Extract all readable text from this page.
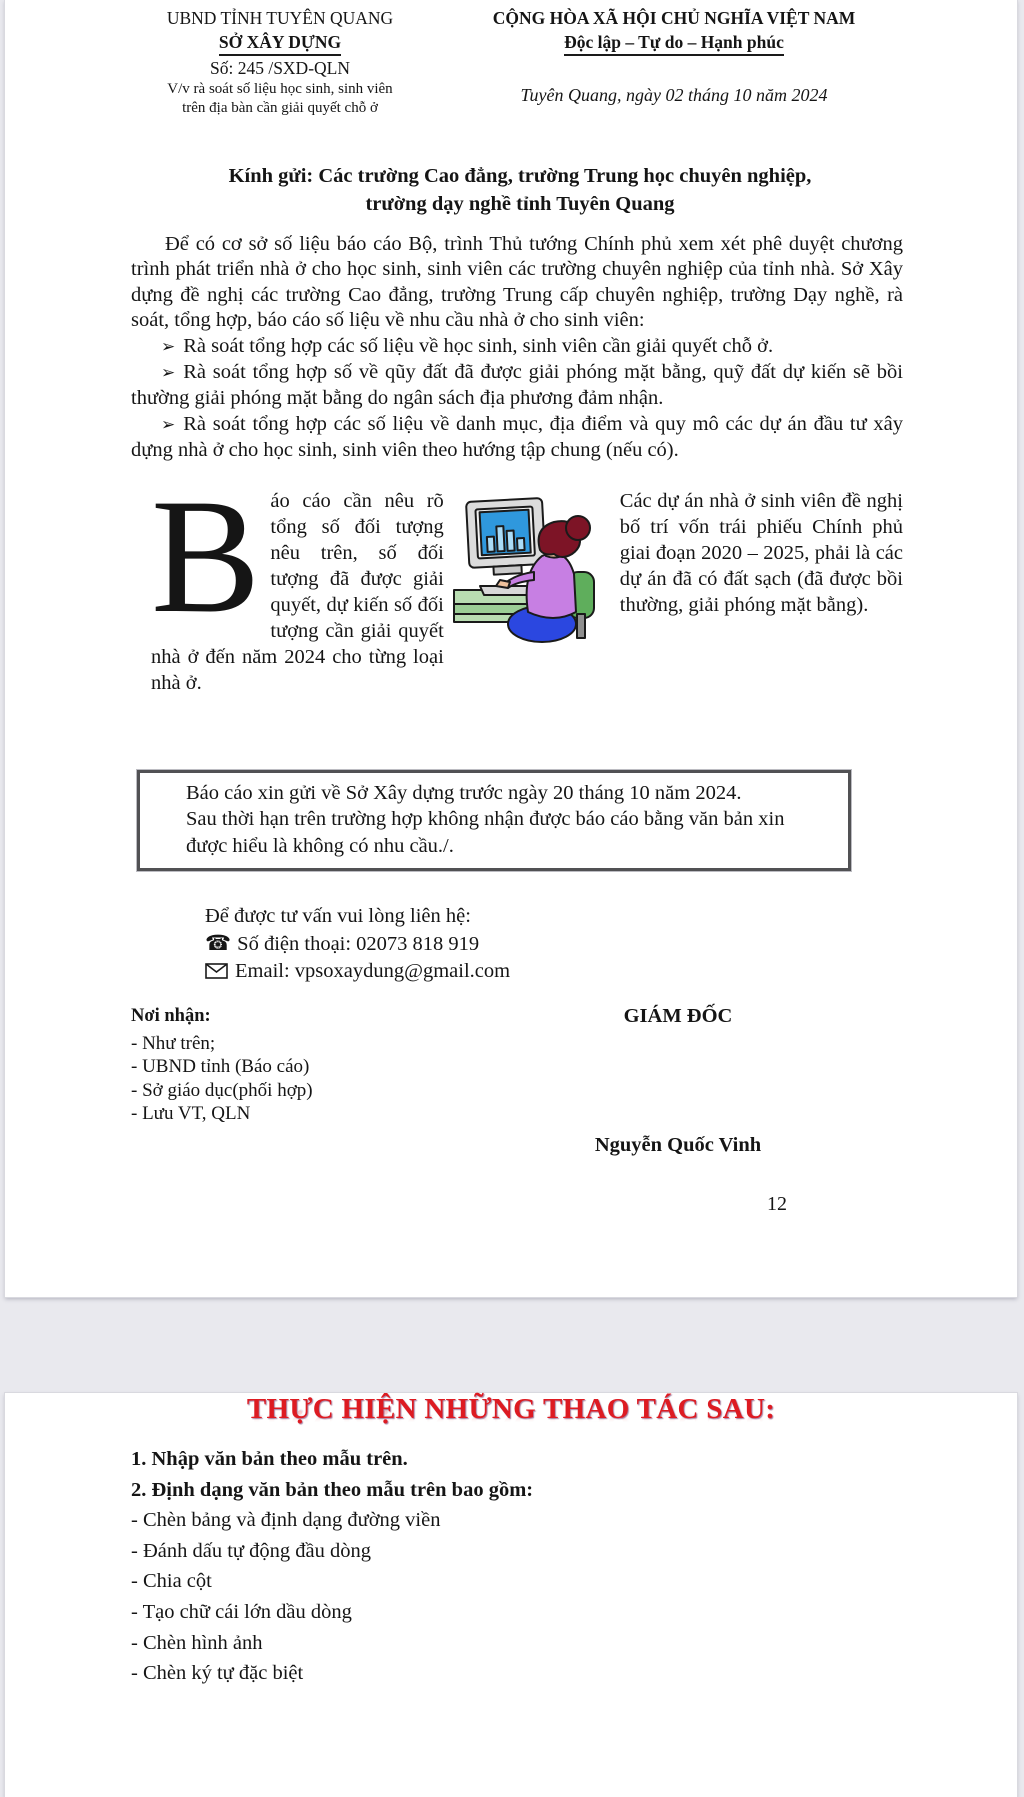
UBND TỈNH TUYÊN QUANG
SỞ XÂY DỰNG
Số: 245 /SXD-QLN
V/v rà soát số liệu học sinh, sinh viên
trên địa bàn cần giải quyết chỗ ở
CỘNG HÒA XÃ HỘI CHỦ NGHĨA VIỆT NAM
Độc lập – Tự do – Hạnh phúc
Tuyên Quang, ngày 02 tháng 10 năm 2024
Kính gửi: Các trường Cao đẳng, trường Trung học chuyên nghiệp,
trường dạy nghề tỉnh Tuyên Quang

Để có cơ sở số liệu báo cáo Bộ, trình Thủ tướng Chính phủ xem xét phê duyệt chương trình phát triển nhà ở cho học sinh, sinh viên các trường chuyên nghiệp của tỉnh nhà. Sở Xây dựng đề nghị các trường Cao đẳng, trường Trung cấp chuyên nghiệp, trường Dạy nghề, rà soát, tổng hợp, báo cáo số liệu về nhu cầu nhà ở cho sinh viên:

➢ Rà soát tổng hợp các số liệu về học sinh, sinh viên cần giải quyết chỗ ở.

➢ Rà soát tổng hợp số về qũy đất đã được giải phóng mặt bằng, quỹ đất dự kiến sẽ bồi thường giải phóng mặt bằng do ngân sách địa phương đảm nhận.

➢ Rà soát tổng hợp các số liệu về danh mục, địa điểm và quy mô các dự án đầu tư xây dựng nhà ở cho học sinh, sinh viên theo hướng tập chung (nếu có).

Báo cáo cần nêu rõ tổng số đối tượng nêu trên, số đối tượng đã được giải quyết, dự kiến số đối tượng cần giải quyết nhà ở đến năm 2024 cho từng loại nhà ở.
Các dự án nhà ở sinh viên đề nghị bố trí vốn trái phiếu Chính phủ giai đoạn 2020 – 2025, phải là các dự án đã có đất sạch (đã được bồi thường, giải phóng mặt bằng).

Báo cáo xin gửi về Sở Xây dựng trước ngày 20 tháng 10 năm 2024.

Sau thời hạn trên trường hợp không nhận được báo cáo bằng văn bản xin được hiểu là không có nhu cầu./.

Để được tư vấn vui lòng liên hệ:

☎ Số điện thoại: 02073 818 919

Email: vpsoxaydung@gmail.com

Nơi nhận:
- Như trên;
- UBND tỉnh (Báo cáo)
- Sở giáo dục(phối hợp)
- Lưu VT, QLN
GIÁM ĐỐC
Nguyễn Quốc Vinh
12
THỰC HIỆN NHỮNG THAO TÁC SAU:
1. Nhập văn bản theo mẫu trên.
2. Định dạng văn bản theo mẫu trên bao gồm:
- Chèn bảng và định dạng đường viền
- Đánh dấu tự động đầu dòng
- Chia cột
- Tạo chữ cái lớn dầu dòng
- Chèn hình ảnh
- Chèn ký tự đặc biệt
